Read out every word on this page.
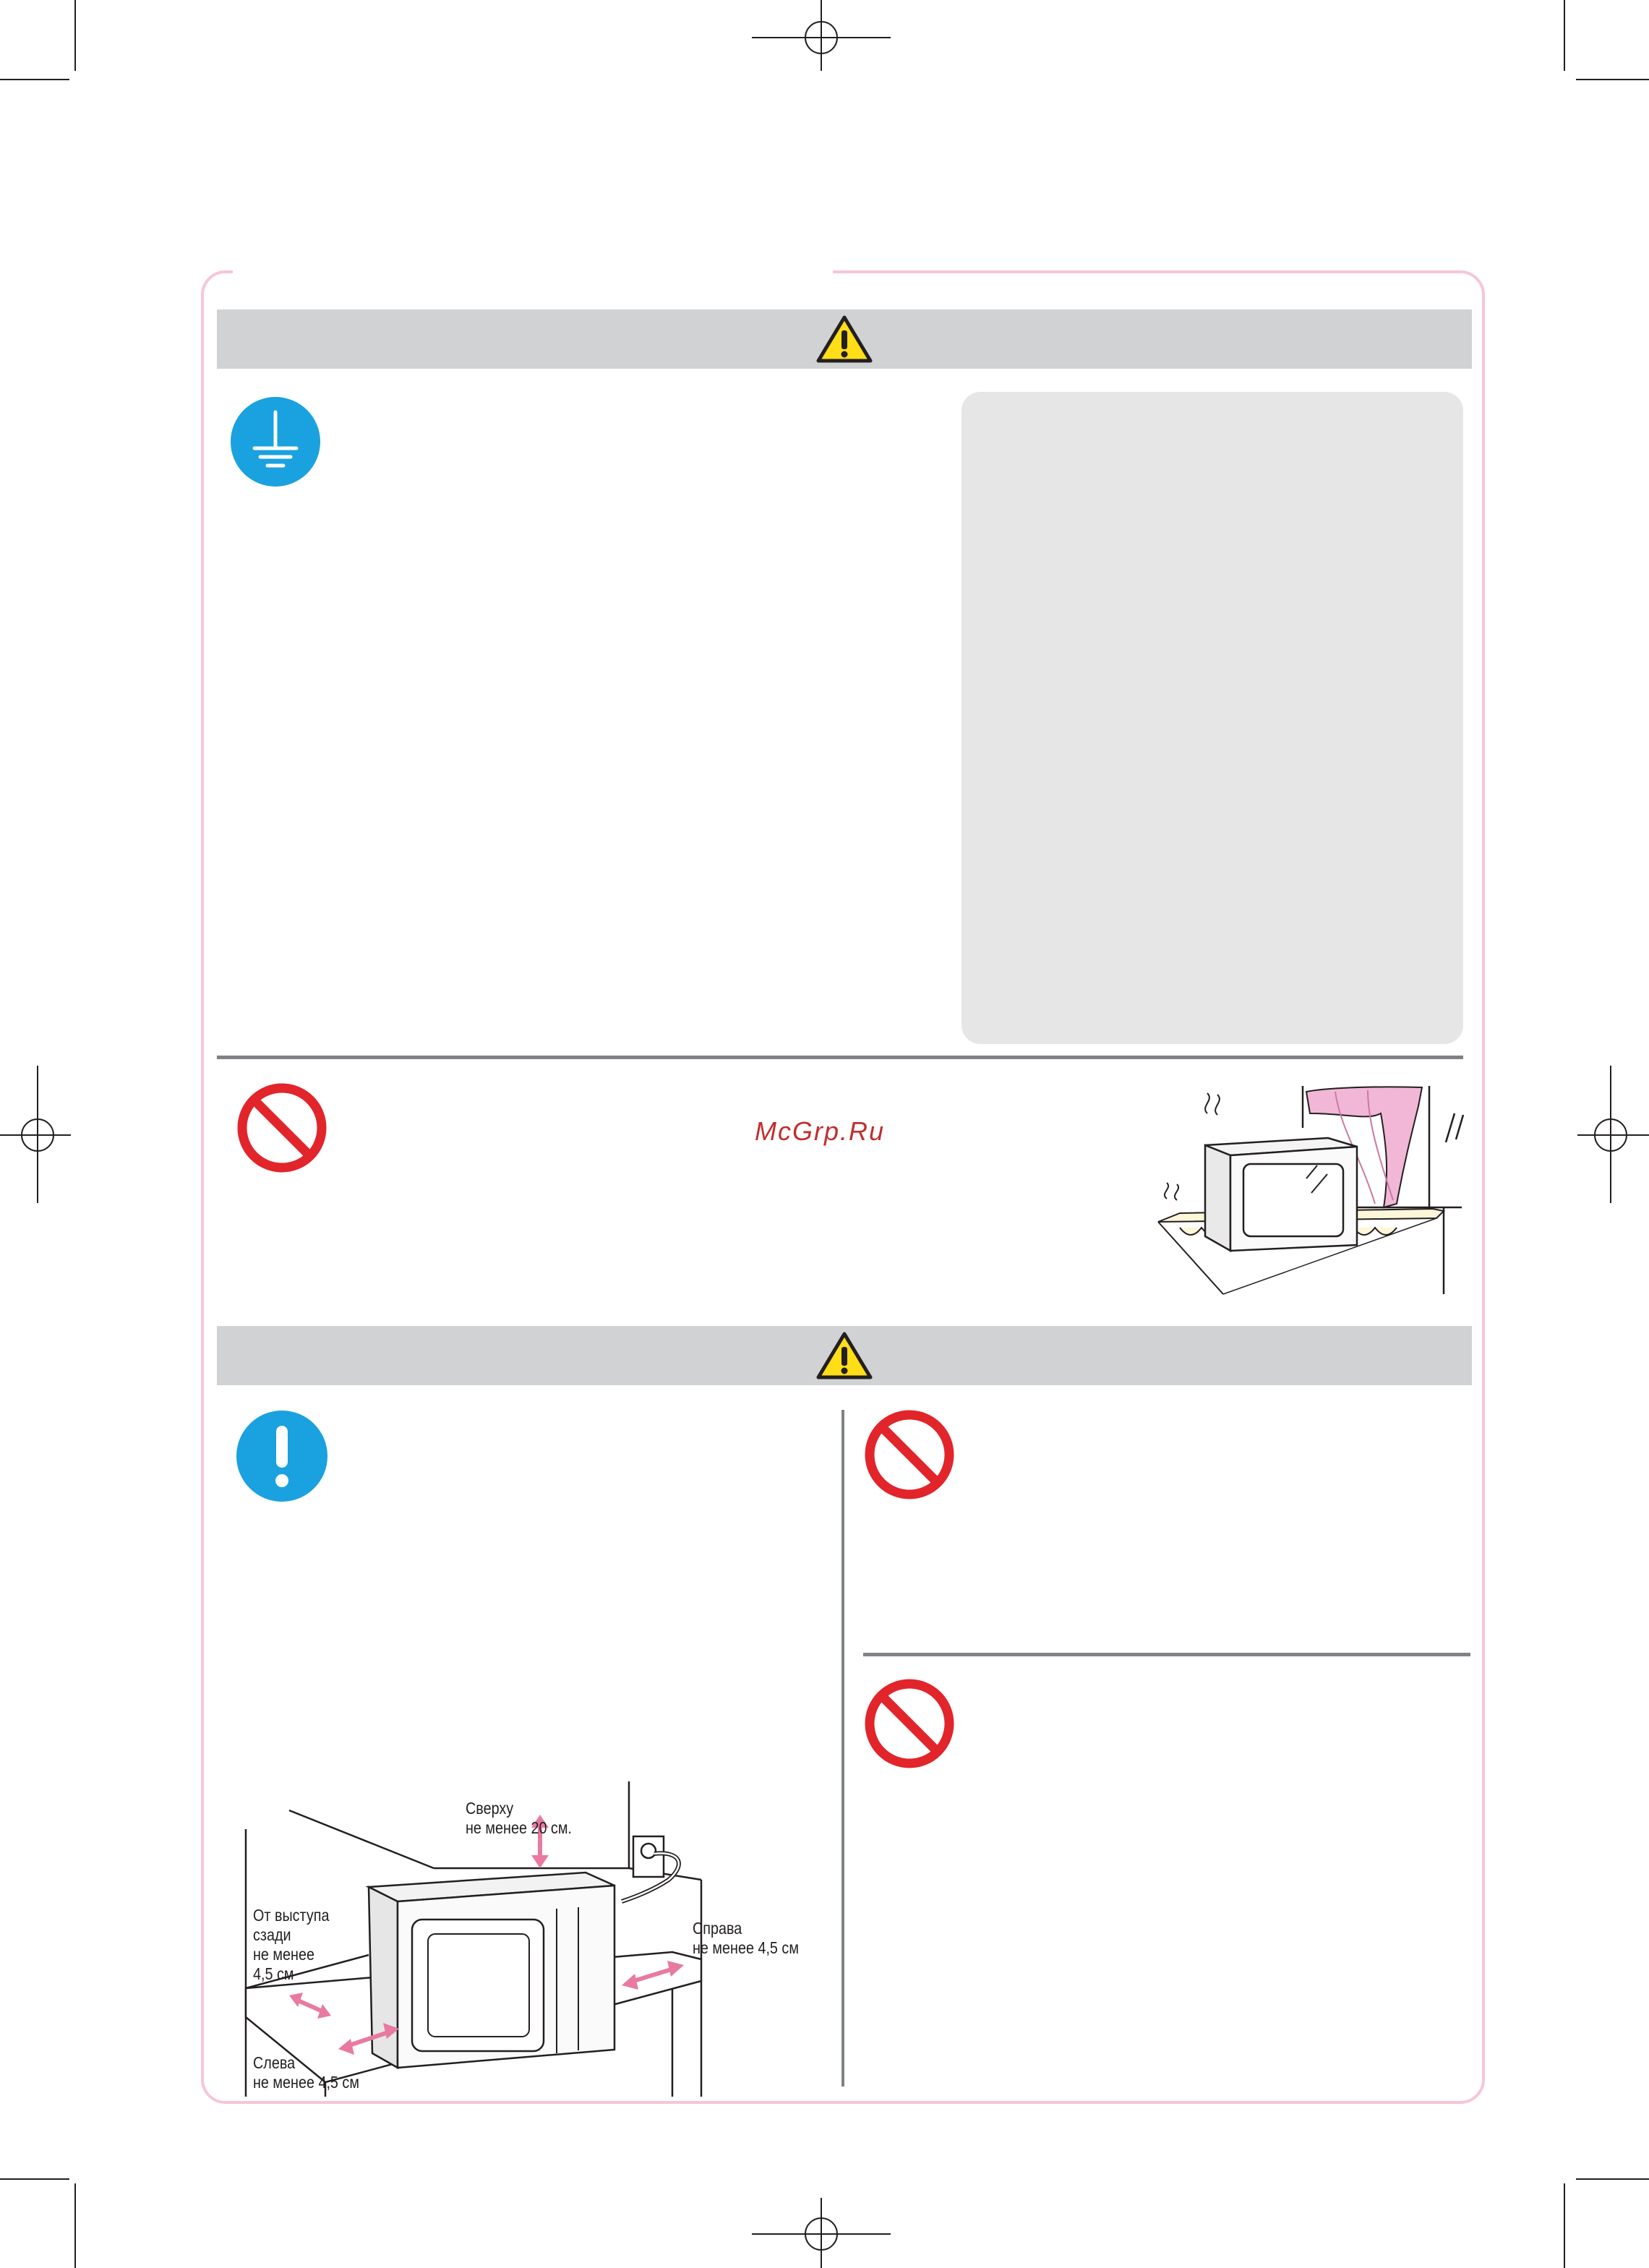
McGrp.Ru
Сверху
не менее 20 см.
От выступа
сзади
не менее
4,5 см
Справа
не менее 4,5 см
Слева
не менее 4,5 см
